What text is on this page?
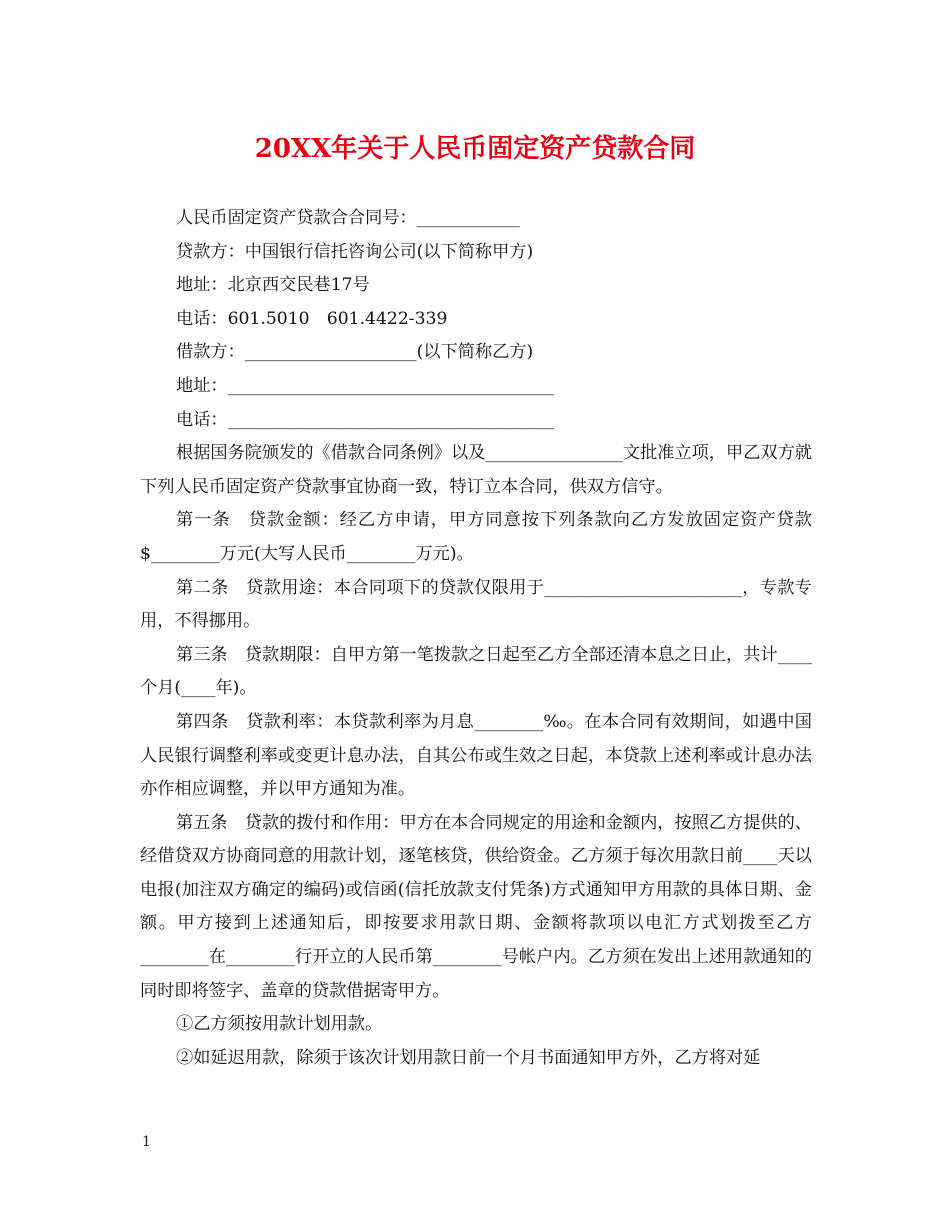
20XX年关于人民币固定资产贷款合同

人民币固定资产贷款合合同号：____________

贷款方：中国银行信托咨询公司(以下简称甲方)

地址：北京西交民巷17号

电话：601.5010　601.4422-339

借款方：____________________(以下简称乙方)

地址：______________________________________

电话：______________________________________

根据国务院颁发的《借款合同条例》以及________________文批准立项，甲乙双方就下列人民币固定资产贷款事宜协商一致，特订立本合同，供双方信守。

第一条　贷款金额：经乙方申请，甲方同意按下列条款向乙方发放固定资产贷款$________万元(大写人民币________万元)。

第二条　贷款用途：本合同项下的贷款仅限用于_______________________，专款专用，不得挪用。

第三条　贷款期限：自甲方第一笔拨款之日起至乙方全部还清本息之日止，共计____个月(____年)。

第四条　贷款利率：本贷款利率为月息________‰。在本合同有效期间，如遇中国人民银行调整利率或变更计息办法，自其公布或生效之日起，本贷款上述利率或计息办法亦作相应调整，并以甲方通知为准。

第五条　贷款的拨付和作用：甲方在本合同规定的用途和金额内，按照乙方提供的、经借贷双方协商同意的用款计划，逐笔核贷，供给资金。乙方须于每次用款日前____天以电报(加注双方确定的编码)或信函(信托放款支付凭条)方式通知甲方用款的具体日期、金额。甲方接到上述通知后，即按要求用款日期、金额将款项以电汇方式划拨至乙方________在________行开立的人民币第________号帐户内。乙方须在发出上述用款通知的同时即将签字、盖章的贷款借据寄甲方。

①乙方须按用款计划用款。

②如延迟用款，除须于该次计划用款日前一个月书面通知甲方外，乙方将对延

1
